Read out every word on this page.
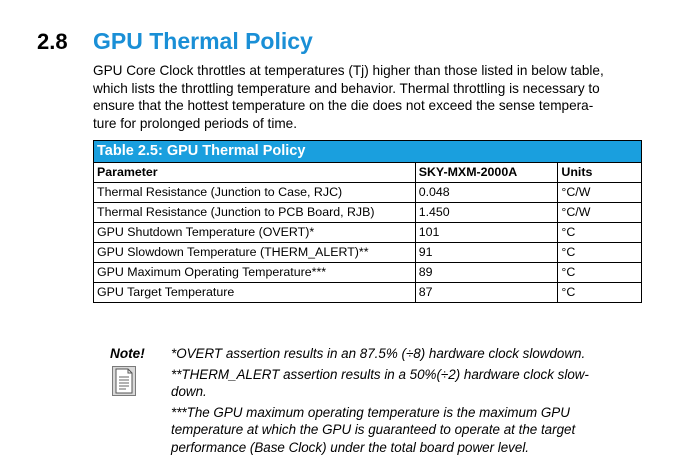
2.8 GPU Thermal Policy
GPU Core Clock throttles at temperatures (Tj) higher than those listed in below table,
which lists the throttling temperature and behavior. Thermal throttling is necessary to
ensure that the hottest temperature on the die does not exceed the sense tempera-
ture for prolonged periods of time.
Table 2.5: GPU Thermal Policy
Parameter	SKY-MXM-2000A	Units
Thermal Resistance (Junction to Case, RJC)	0.048	°C/W
Thermal Resistance (Junction to PCB Board, RJB)	1.450	°C/W
GPU Shutdown Temperature (OVERT)*	101	°C
GPU Slowdown Temperature (THERM_ALERT)**	91	°C
GPU Maximum Operating Temperature***	89	°C
GPU Target Temperature	87	°C
Note! *OVERT assertion results in an 87.5% (÷8) hardware clock slowdown.
**THERM_ALERT assertion results in a 50%(÷2) hardware clock slow-
down.
***The GPU maximum operating temperature is the maximum GPU
temperature at which the GPU is guaranteed to operate at the target
performance (Base Clock) under the total board power level.
